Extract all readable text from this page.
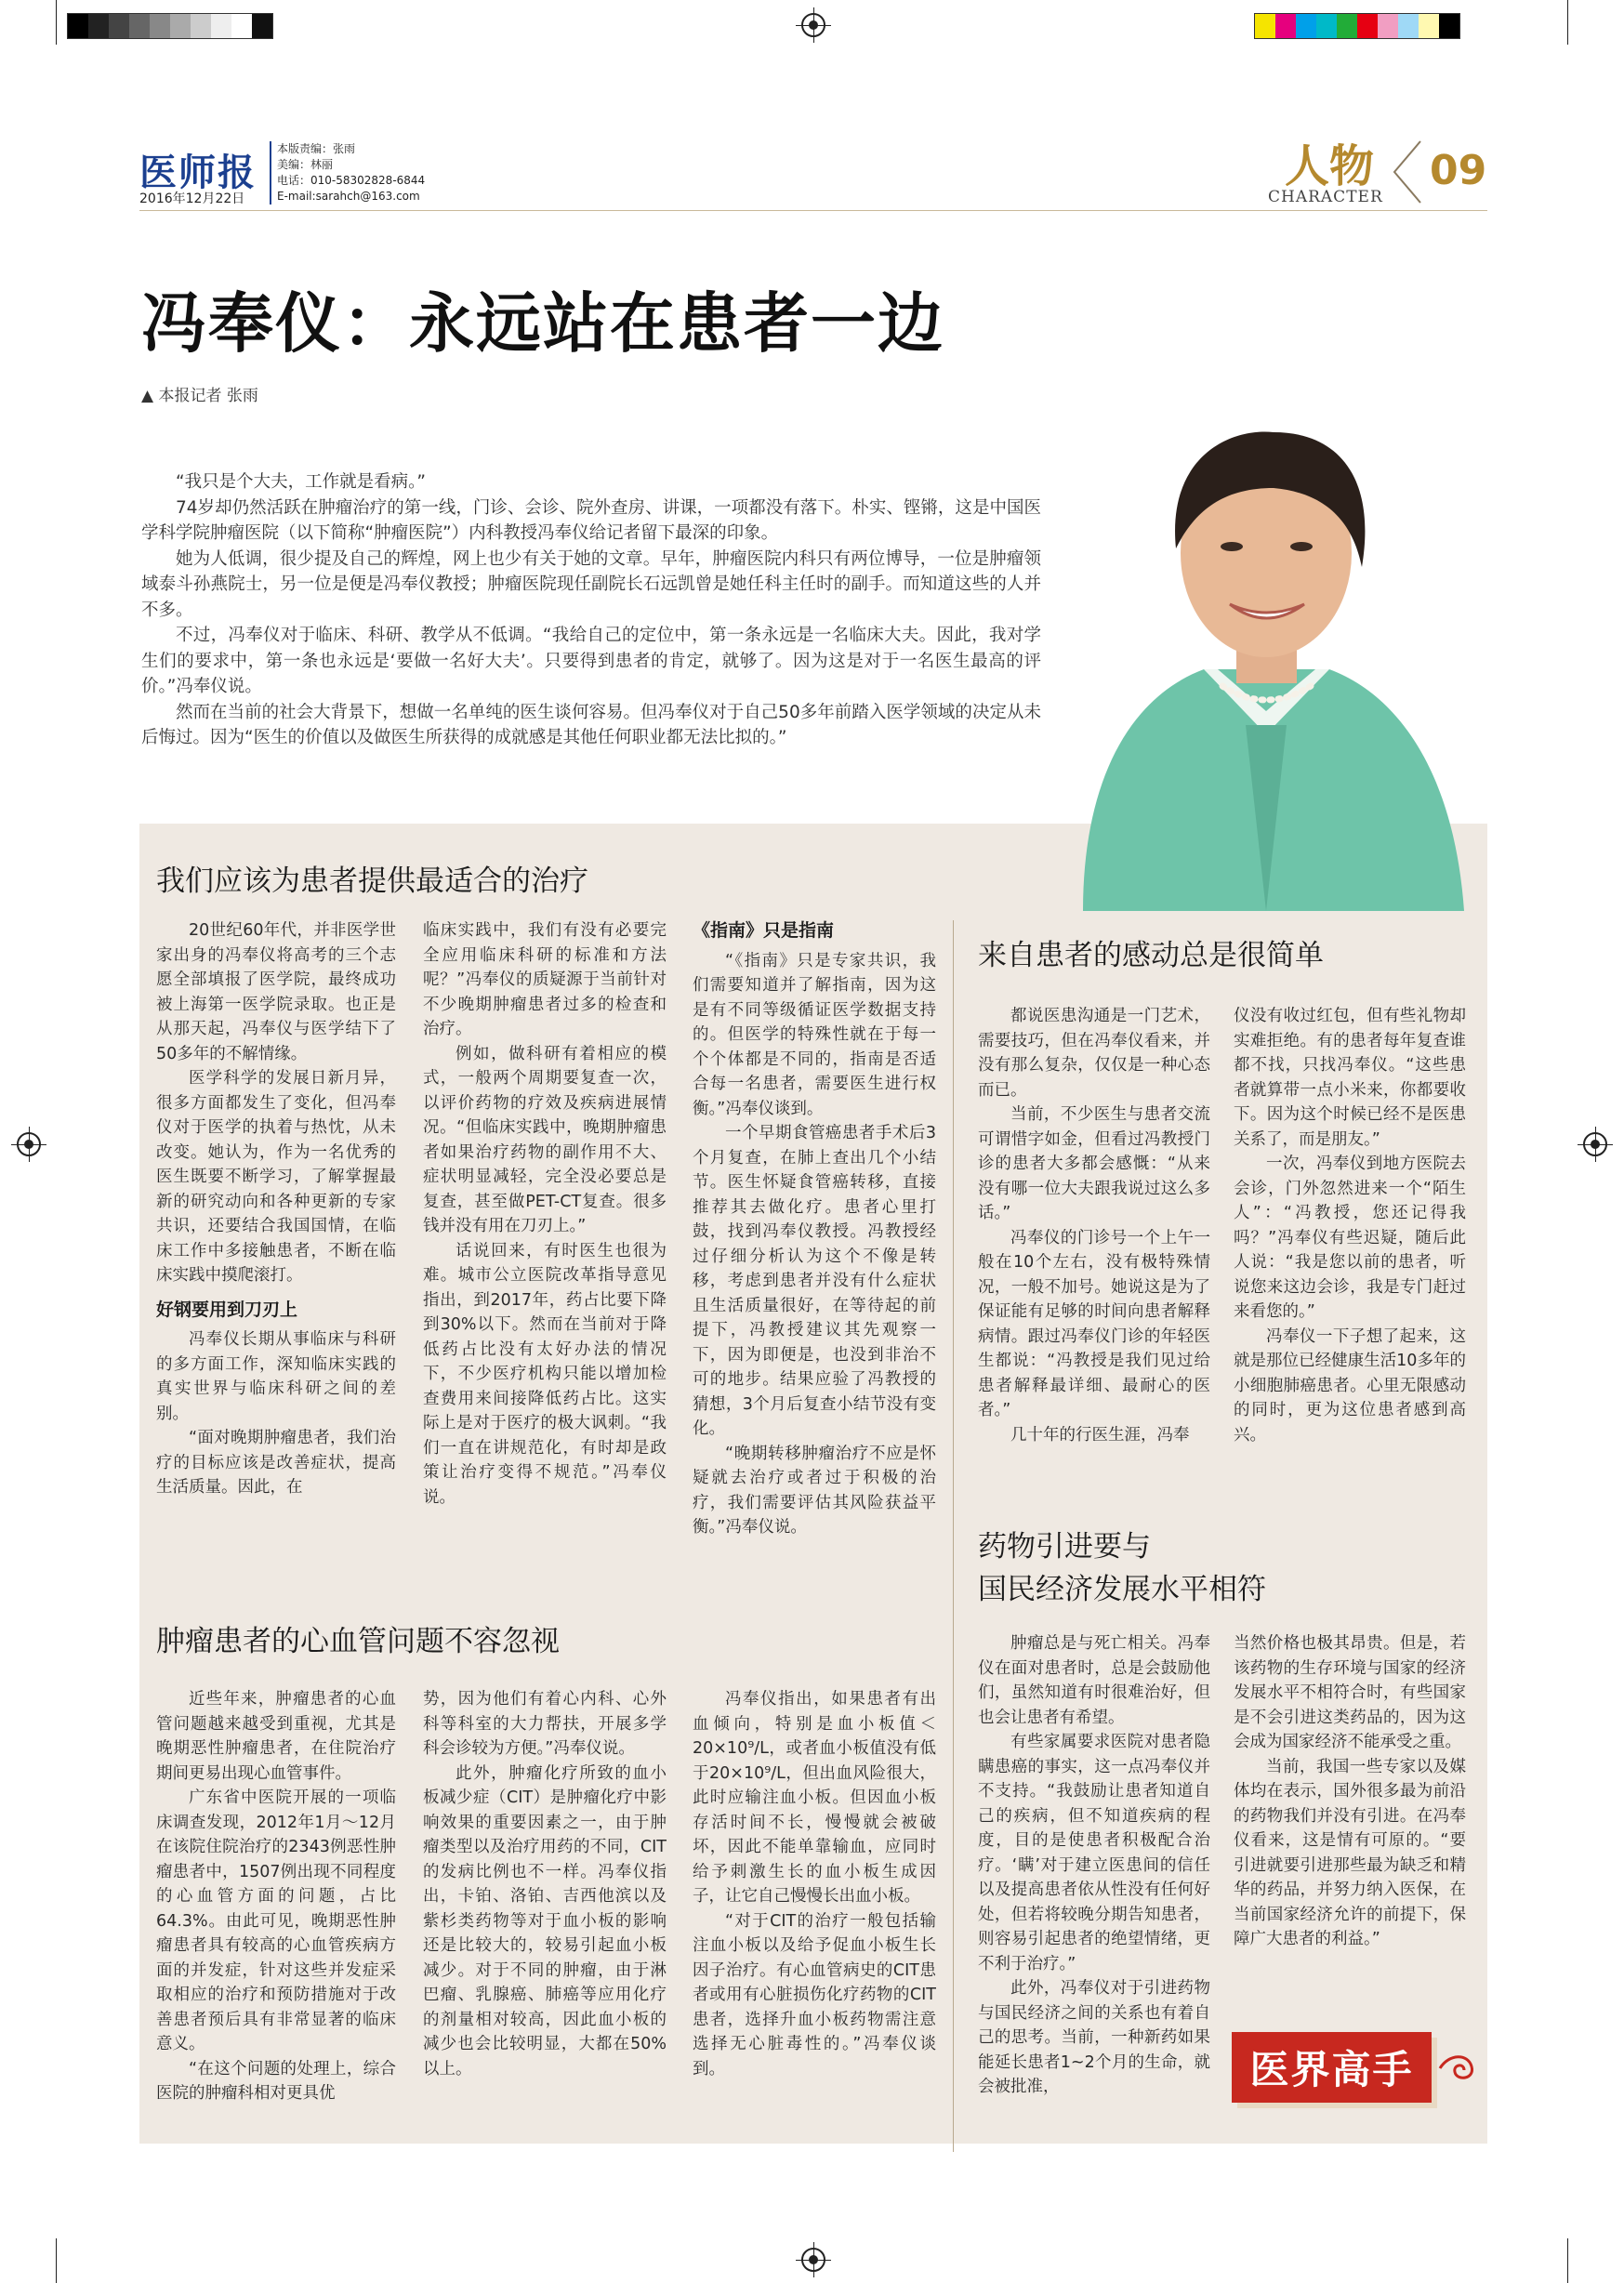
医师报
2016年12月22日
本版责编：张雨
美编：林丽
电话：010-58302828-6844
E-mail:sarahch@163.com
人物
CHARACTER
09
冯奉仪：永远站在患者一边
▲ 本报记者 张雨

“我只是个大夫，工作就是看病。”

74岁却仍然活跃在肿瘤治疗的第一线，门诊、会诊、院外查房、讲课，一项都没有落下。朴实、铿锵，这是中国医学科学院肿瘤医院（以下简称“肿瘤医院”）内科教授冯奉仪给记者留下最深的印象。

她为人低调，很少提及自己的辉煌，网上也少有关于她的文章。早年，肿瘤医院内科只有两位博导，一位是肿瘤领域泰斗孙燕院士，另一位是便是冯奉仪教授；肿瘤医院现任副院长石远凯曾是她任科主任时的副手。而知道这些的人并不多。

不过，冯奉仪对于临床、科研、教学从不低调。“我给自己的定位中，第一条永远是一名临床大夫。因此，我对学生们的要求中，第一条也永远是‘要做一名好大夫’。只要得到患者的肯定，就够了。因为这是对于一名医生最高的评价。”冯奉仪说。

然而在当前的社会大背景下，想做一名单纯的医生谈何容易。但冯奉仪对于自己50多年前踏入医学领域的决定从未后悔过。因为“医生的价值以及做医生所获得的成就感是其他任何职业都无法比拟的。”

我们应该为患者提供最适合的治疗

20世纪60年代，并非医学世家出身的冯奉仪将高考的三个志愿全部填报了医学院，最终成功被上海第一医学院录取。也正是从那天起，冯奉仪与医学结下了50多年的不解情缘。

医学科学的发展日新月异，很多方面都发生了变化，但冯奉仪对于医学的执着与热忱，从未改变。她认为，作为一名优秀的医生既要不断学习，了解掌握最新的研究动向和各种更新的专家共识，还要结合我国国情，在临床工作中多接触患者，不断在临床实践中摸爬滚打。

好钢要用到刀刃上

冯奉仪长期从事临床与科研的多方面工作，深知临床实践的真实世界与临床科研之间的差别。

“面对晚期肿瘤患者，我们治疗的目标应该是改善症状，提高生活质量。因此，在

临床实践中，我们有没有必要完全应用临床科研的标准和方法呢？”冯奉仪的质疑源于当前针对不少晚期肿瘤患者过多的检查和治疗。

例如，做科研有着相应的模式，一般两个周期要复查一次，以评价药物的疗效及疾病进展情况。“但临床实践中，晚期肿瘤患者如果治疗药物的副作用不大、症状明显减轻，完全没必要总是复查，甚至做PET-CT复查。很多钱并没有用在刀刃上。”

话说回来，有时医生也很为难。城市公立医院改革指导意见指出，到2017年，药占比要下降到30%以下。然而在当前对于降低药占比没有太好办法的情况下，不少医疗机构只能以增加检查费用来间接降低药占比。这实际上是对于医疗的极大讽刺。“我们一直在讲规范化，有时却是政策让治疗变得不规范。”冯奉仪说。

《指南》只是指南

“《指南》只是专家共识，我们需要知道并了解指南，因为这是有不同等级循证医学数据支持的。但医学的特殊性就在于每一个个体都是不同的，指南是否适合每一名患者，需要医生进行权衡。”冯奉仪谈到。

一个早期食管癌患者手术后3个月复查，在肺上查出几个小结节。医生怀疑食管癌转移，直接推荐其去做化疗。患者心里打鼓，找到冯奉仪教授。冯教授经过仔细分析认为这个不像是转移，考虑到患者并没有什么症状且生活质量很好，在等待起的前提下，冯教授建议其先观察一下，因为即便是，也没到非治不可的地步。结果应验了冯教授的猜想，3个月后复查小结节没有变化。

“晚期转移肿瘤治疗不应是怀疑就去治疗或者过于积极的治疗，我们需要评估其风险获益平衡。”冯奉仪说。

来自患者的感动总是很简单

都说医患沟通是一门艺术，需要技巧，但在冯奉仪看来，并没有那么复杂，仅仅是一种心态而已。

当前，不少医生与患者交流可谓惜字如金，但看过冯教授门诊的患者大多都会感慨：“从来没有哪一位大夫跟我说过这么多话。”

冯奉仪的门诊号一个上午一般在10个左右，没有极特殊情况，一般不加号。她说这是为了保证能有足够的时间向患者解释病情。跟过冯奉仪门诊的年轻医生都说：“冯教授是我们见过给患者解释最详细、最耐心的医者。”

几十年的行医生涯，冯奉

仪没有收过红包，但有些礼物却实难拒绝。有的患者每年复查谁都不找，只找冯奉仪。“这些患者就算带一点小米来，你都要收下。因为这个时候已经不是医患关系了，而是朋友。”

一次，冯奉仪到地方医院去会诊，门外忽然进来一个“陌生人”：“冯教授，您还记得我吗？”冯奉仪有些迟疑，随后此人说：“我是您以前的患者，听说您来这边会诊，我是专门赶过来看您的。”

冯奉仪一下子想了起来，这就是那位已经健康生活10多年的小细胞肺癌患者。心里无限感动的同时，更为这位患者感到高兴。

肿瘤患者的心血管问题不容忽视

近些年来，肿瘤患者的心血管问题越来越受到重视，尤其是晚期恶性肿瘤患者，在住院治疗期间更易出现心血管事件。

广东省中医院开展的一项临床调查发现，2012年1月～12月在该院住院治疗的2343例恶性肿瘤患者中，1507例出现不同程度的心血管方面的问题，占比64.3%。由此可见，晚期恶性肿瘤患者具有较高的心血管疾病方面的并发症，针对这些并发症采取相应的治疗和预防措施对于改善患者预后具有非常显著的临床意义。

“在这个问题的处理上，综合医院的肿瘤科相对更具优

势，因为他们有着心内科、心外科等科室的大力帮扶，开展多学科会诊较为方便。”冯奉仪说。

此外，肿瘤化疗所致的血小板减少症（CIT）是肿瘤化疗中影响效果的重要因素之一，由于肿瘤类型以及治疗用药的不同，CIT的发病比例也不一样。冯奉仪指出，卡铂、洛铂、吉西他滨以及紫杉类药物等对于血小板的影响还是比较大的，较易引起血小板减少。对于不同的肿瘤，由于淋巴瘤、乳腺癌、肺癌等应用化疗的剂量相对较高，因此血小板的减少也会比较明显，大都在50%以上。

冯奉仪指出，如果患者有出血倾向，特别是血小板值＜20×10⁹/L，或者血小板值没有低于20×10⁹/L，但出血风险很大，此时应输注血小板。但因血小板存活时间不长，慢慢就会被破坏，因此不能单靠输血，应同时给予刺激生长的血小板生成因子，让它自己慢慢长出血小板。

“对于CIT的治疗一般包括输注血小板以及给予促血小板生长因子治疗。有心血管病史的CIT患者或用有心脏损伤化疗药物的CIT患者，选择升血小板药物需注意选择无心脏毒性的。”冯奉仪谈到。

药物引进要与
国民经济发展水平相符

肿瘤总是与死亡相关。冯奉仪在面对患者时，总是会鼓励他们，虽然知道有时很难治好，但也会让患者有希望。

有些家属要求医院对患者隐瞒患癌的事实，这一点冯奉仪并不支持。“我鼓励让患者知道自己的疾病，但不知道疾病的程度，目的是使患者积极配合治疗。‘瞒’对于建立医患间的信任以及提高患者依从性没有任何好处，但若将较晚分期告知患者，则容易引起患者的绝望情绪，更不利于治疗。”

此外，冯奉仪对于引进药物与国民经济之间的关系也有着自己的思考。当前，一种新药如果能延长患者1~2个月的生命，就会被批准，

当然价格也极其昂贵。但是，若该药物的生存环境与国家的经济发展水平不相符合时，有些国家是不会引进这类药品的，因为这会成为国家经济不能承受之重。

当前，我国一些专家以及媒体均在表示，国外很多最为前沿的药物我们并没有引进。在冯奉仪看来，这是情有可原的。“要引进就要引进那些最为缺乏和精华的药品，并努力纳入医保，在当前国家经济允许的前提下，保障广大患者的利益。”

医界高手
